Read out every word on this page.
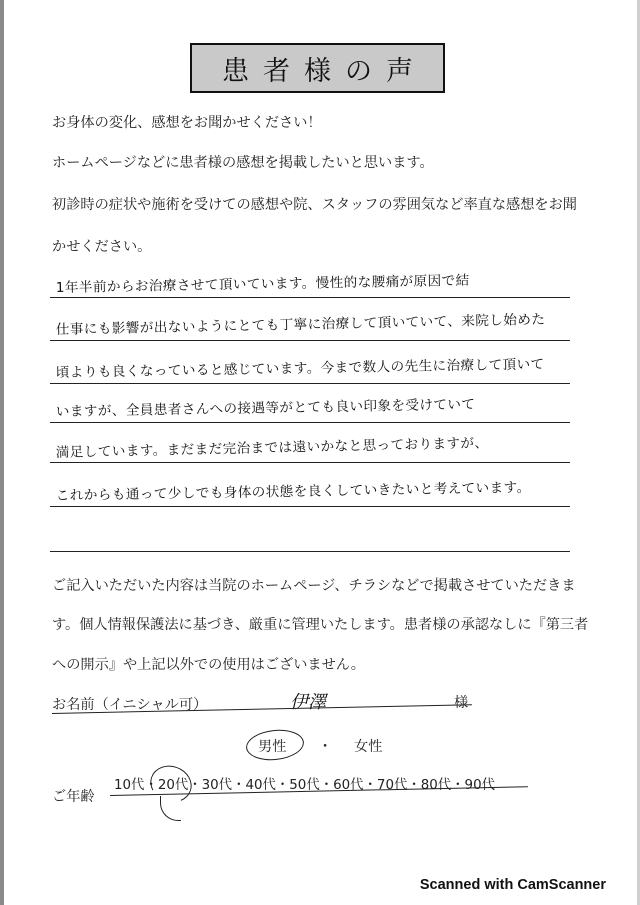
患者様の声
お身体の変化、感想をお聞かせください！
ホームページなどに患者様の感想を掲載したいと思います。
初診時の症状や施術を受けての感想や院、スタッフの雰囲気など率直な感想をお聞
かせください。
1年半前からお治療させて頂いています。慢性的な腰痛が原因で結
仕事にも影響が出ないようにとても丁寧に治療して頂いていて、来院し始めた
頃よりも良くなっていると感じています。今まで数人の先生に治療して頂いて
いますが、全員患者さんへの接遇等がとても良い印象を受けていて
満足しています。まだまだ完治までは遠いかなと思っておりますが、
これからも通って少しでも身体の状態を良くしていきたいと考えています。
ご記入いただいた内容は当院のホームページ、チラシなどで掲載させていただきま
す。個人情報保護法に基づき、厳重に管理いたします。患者様の承認なしに『第三者
への開示』や上記以外での使用はございません。
お名前（イニシャル可）	伊澤	様
男性 ・ 女性
ご年齢
10代・20代・30代・40代・50代・60代・70代・80代・90代
Scanned with CamScanner
